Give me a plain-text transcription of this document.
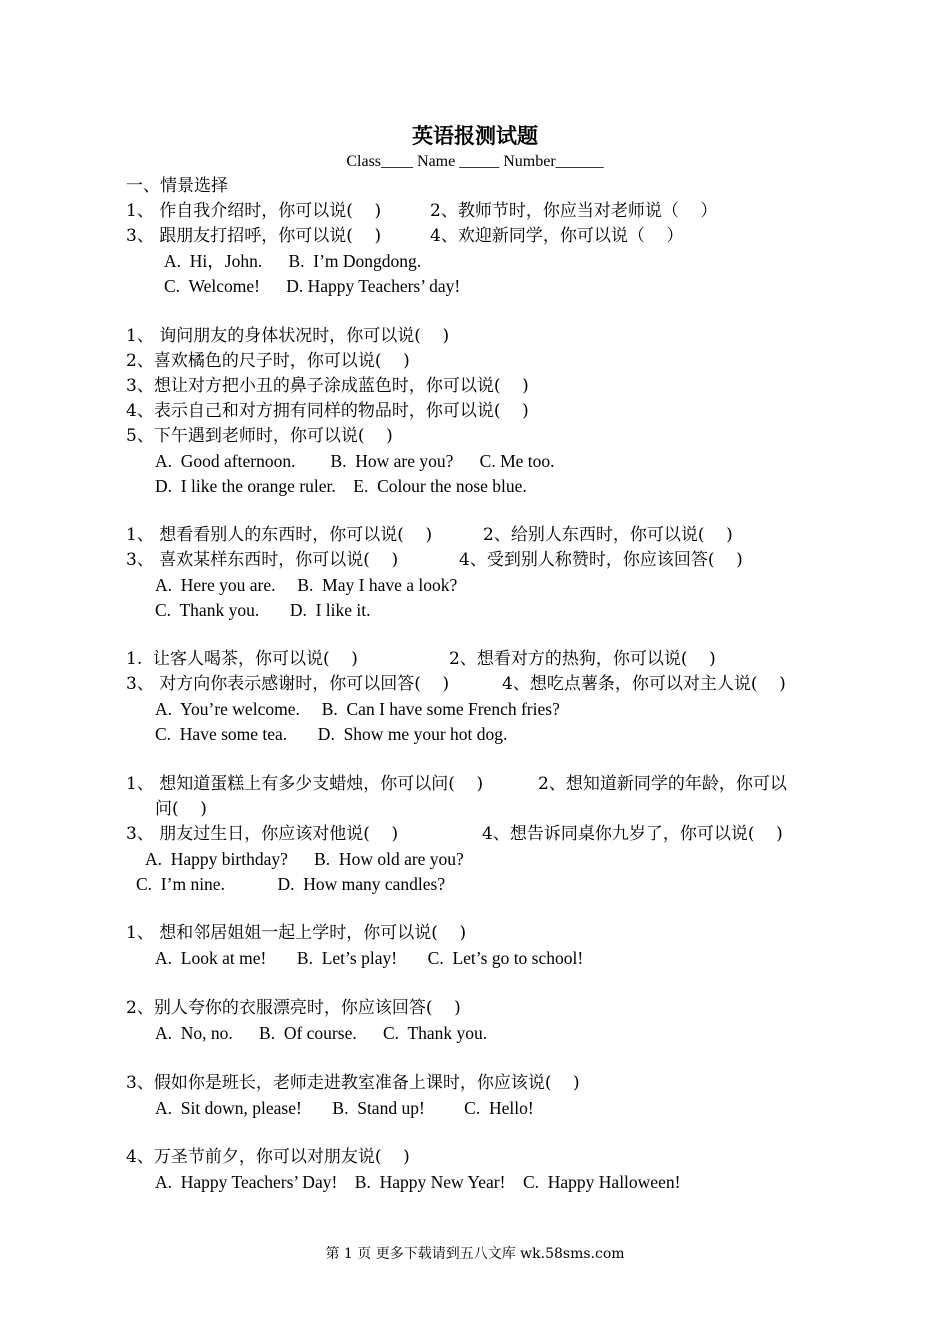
英语报测试题
Class____ Name _____ Number______
一、情景选择
1、 作自我介绍时，你可以说(    )	2、教师节时，你应当对老师说（    ）
3、 跟朋友打招呼，你可以说(    )	4、欢迎新同学，你可以说（    ）
A.  Hi，John.      B.  I’m Dongdong.
C.  Welcome!      D. Happy Teachers’ day!
1、 询问朋友的身体状况时，你可以说(    )
2、喜欢橘色的尺子时，你可以说(    )
3、想让对方把小丑的鼻子涂成蓝色时，你可以说(    )
4、表示自己和对方拥有同样的物品时，你可以说(    )
5、下午遇到老师时，你可以说(    )
A.  Good afternoon.        B.  How are you?      C. Me too.
D.  I like the orange ruler.    E.  Colour the nose blue.
1、 想看看别人的东西时，你可以说(    )	2、给别人东西时，你可以说(    )
3、 喜欢某样东西时，你可以说(    )	4、受到别人称赞时，你应该回答(    )
A.  Here you are.     B.  May I have a look?
C.  Thank you.       D.  I like it.
1.  让客人喝茶，你可以说(    )	2、想看对方的热狗，你可以说(    )
3、 对方向你表示感谢时，你可以回答(    )	4、想吃点薯条，你可以对主人说(    )
A.  You’re welcome.     B.  Can I have some French fries?
C.  Have some tea.       D.  Show me your hot dog.
1、 想知道蛋糕上有多少支蜡烛，你可以问(    )	2、想知道新同学的年龄，你可以
问(    )
3、 朋友过生日，你应该对他说(    )	4、想告诉同桌你九岁了，你可以说(    )
A.  Happy birthday?      B.  How old are you?
C.  I’m nine.            D.  How many candles?
1、 想和邻居姐姐一起上学时，你可以说(    )
A.  Look at me!       B.  Let’s play!       C.  Let’s go to school!
2、别人夸你的衣服漂亮时，你应该回答(    )
A.  No, no.      B.  Of course.      C.  Thank you.
3、假如你是班长，老师走进教室准备上课时，你应该说(    )
A.  Sit down, please!       B.  Stand up!         C.  Hello!
4、万圣节前夕，你可以对朋友说(    )
A.  Happy Teachers’ Day!    B.  Happy New Year!    C.  Happy Halloween!
第 1 页 更多下载请到五八文库 wk.58sms.com
